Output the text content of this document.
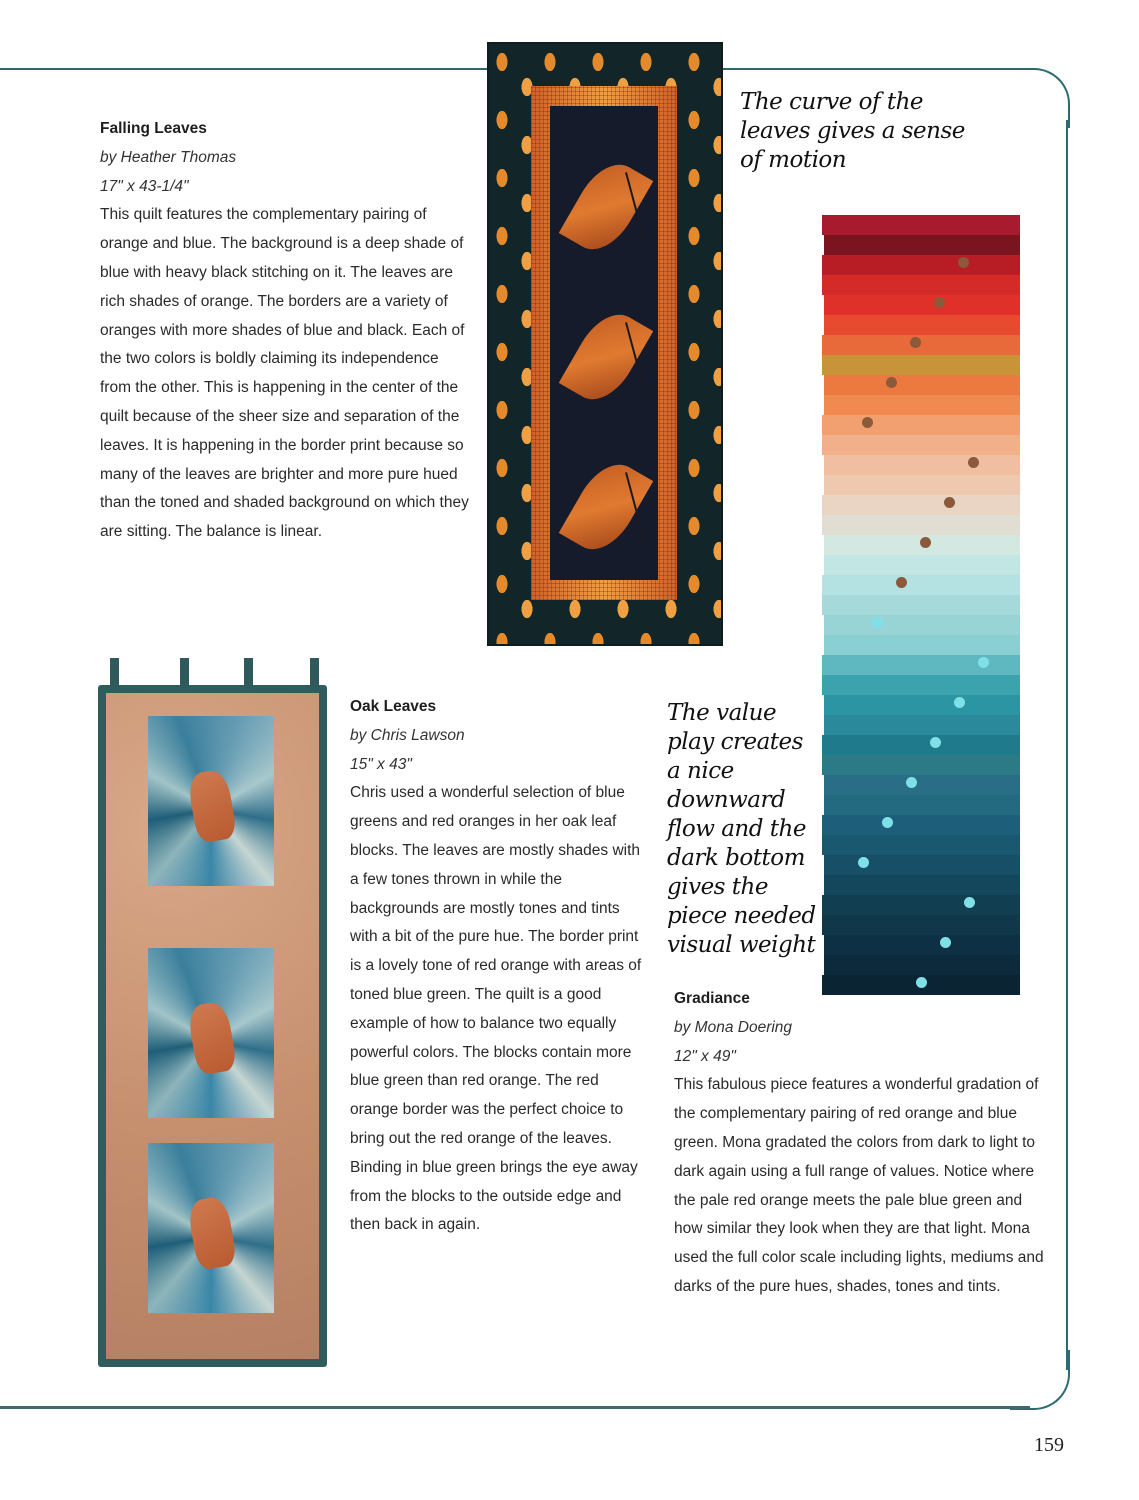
Falling Leaves
by Heather Thomas
17" x 43-1/4"

This quilt features the complementary pairing of orange and blue. The background is a deep shade of blue with heavy black stitching on it. The leaves are rich shades of orange. The borders are a variety of oranges with more shades of blue and black. Each of the two colors is boldly claiming its independence from the other. This is happening in the center of the quilt because of the sheer size and separation of the leaves. It is happening in the border print because so many of the leaves are brighter and more pure hued than the toned and shaded background on which they are sitting. The balance is linear.

Oak Leaves
by Chris Lawson
15" x 43"

Chris used a wonderful selection of blue greens and red oranges in her oak leaf blocks. The leaves are mostly shades with a few tones thrown in while the backgrounds are mostly tones and tints with a bit of the pure hue. The border print is a lovely tone of red orange with areas of toned blue green. The quilt is a good example of how to balance two equally powerful colors. The blocks contain more blue green than red orange. The red orange border was the perfect choice to bring out the red orange of the leaves. Binding in blue green brings the eye away from the blocks to the outside edge and then back in again.

Gradiance
by Mona Doering
12" x 49"

This fabulous piece features a wonderful gradation of the complementary pairing of red orange and blue green. Mona gradated the colors from dark to light to dark again using a full range of values. Notice where the pale red orange meets the pale blue green and how similar they look when they are that light. Mona used the full color scale including lights, mediums and darks of the pure hues, shades, tones and tints.

The curve of the leaves gives a sense of motion
The value play creates a nice downward flow and the dark bottom gives the piece needed visual weight
159
